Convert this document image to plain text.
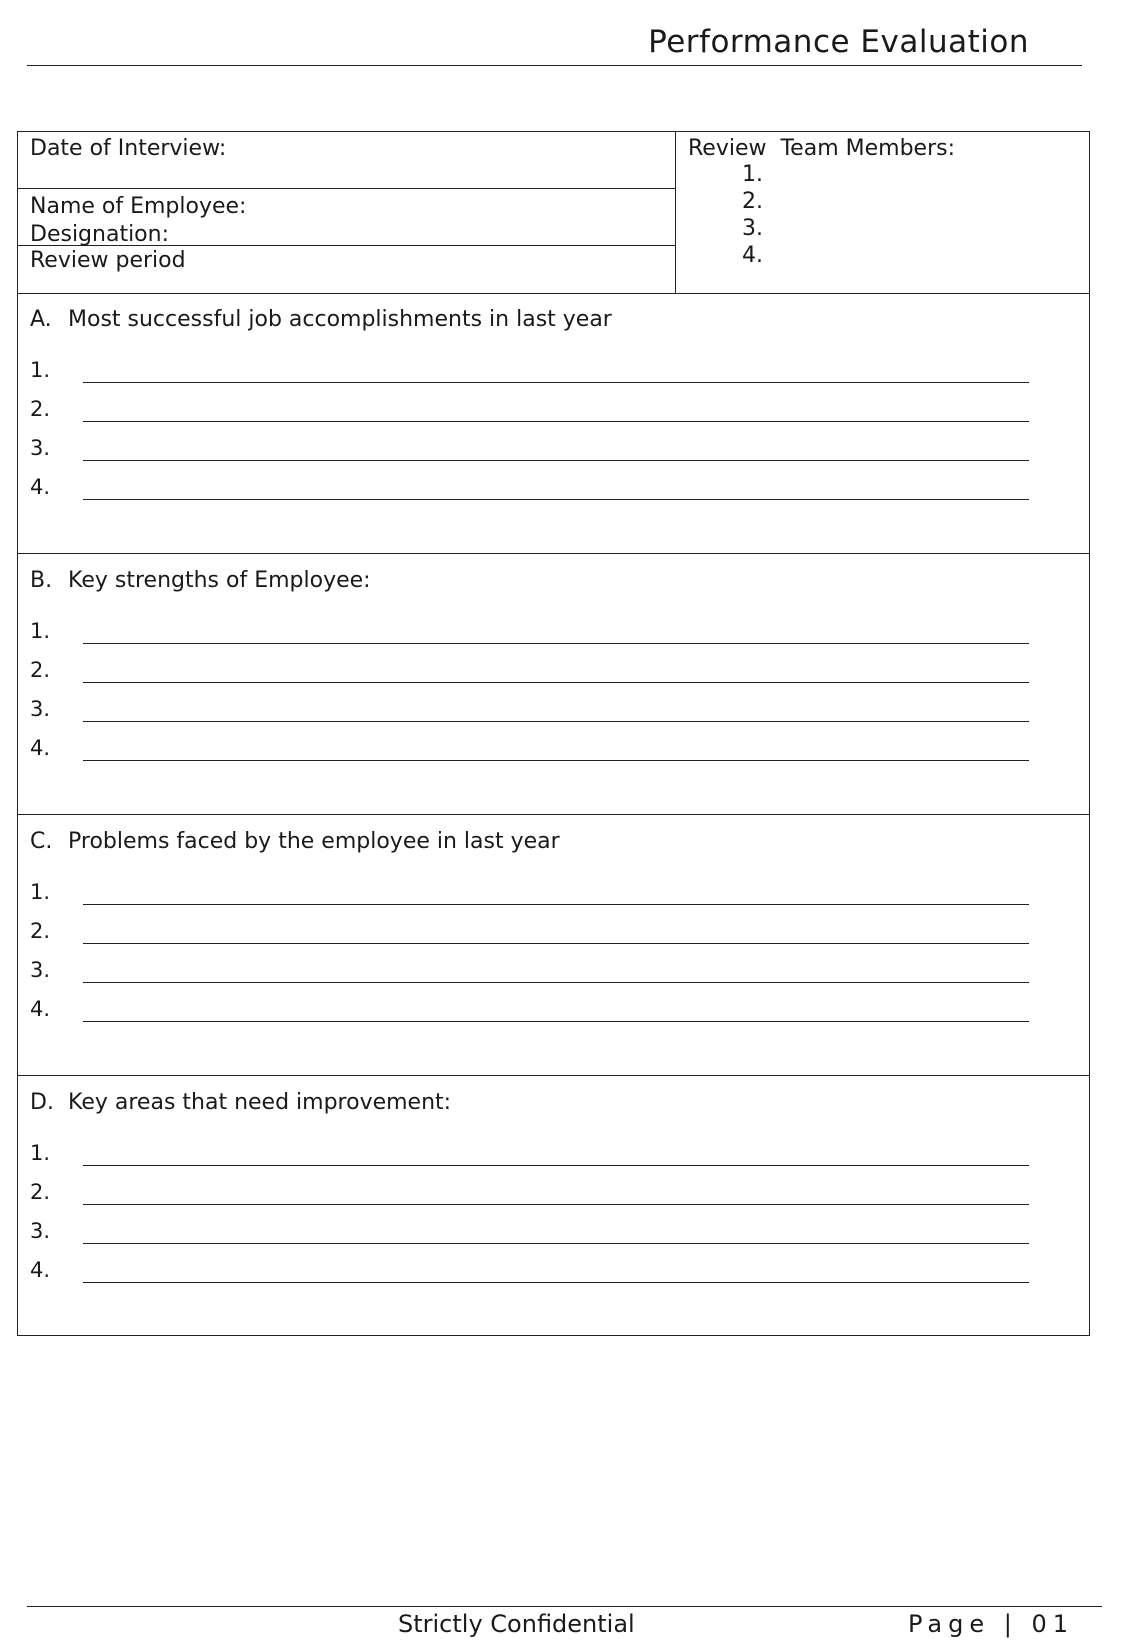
Performance Evaluation
Date of Interview:
Name of Employee:
Designation:
Review period
Review  Team Members:
1.
2.
3.
4.
A. Most successful job accomplishments in last year
1.
2.
3.
4.
B. Key strengths of Employee:
1.
2.
3.
4.
C. Problems faced by the employee in last year
1.
2.
3.
4.
D. Key areas that need improvement:
1.
2.
3.
4.
Strictly Confidential	Page | 01
